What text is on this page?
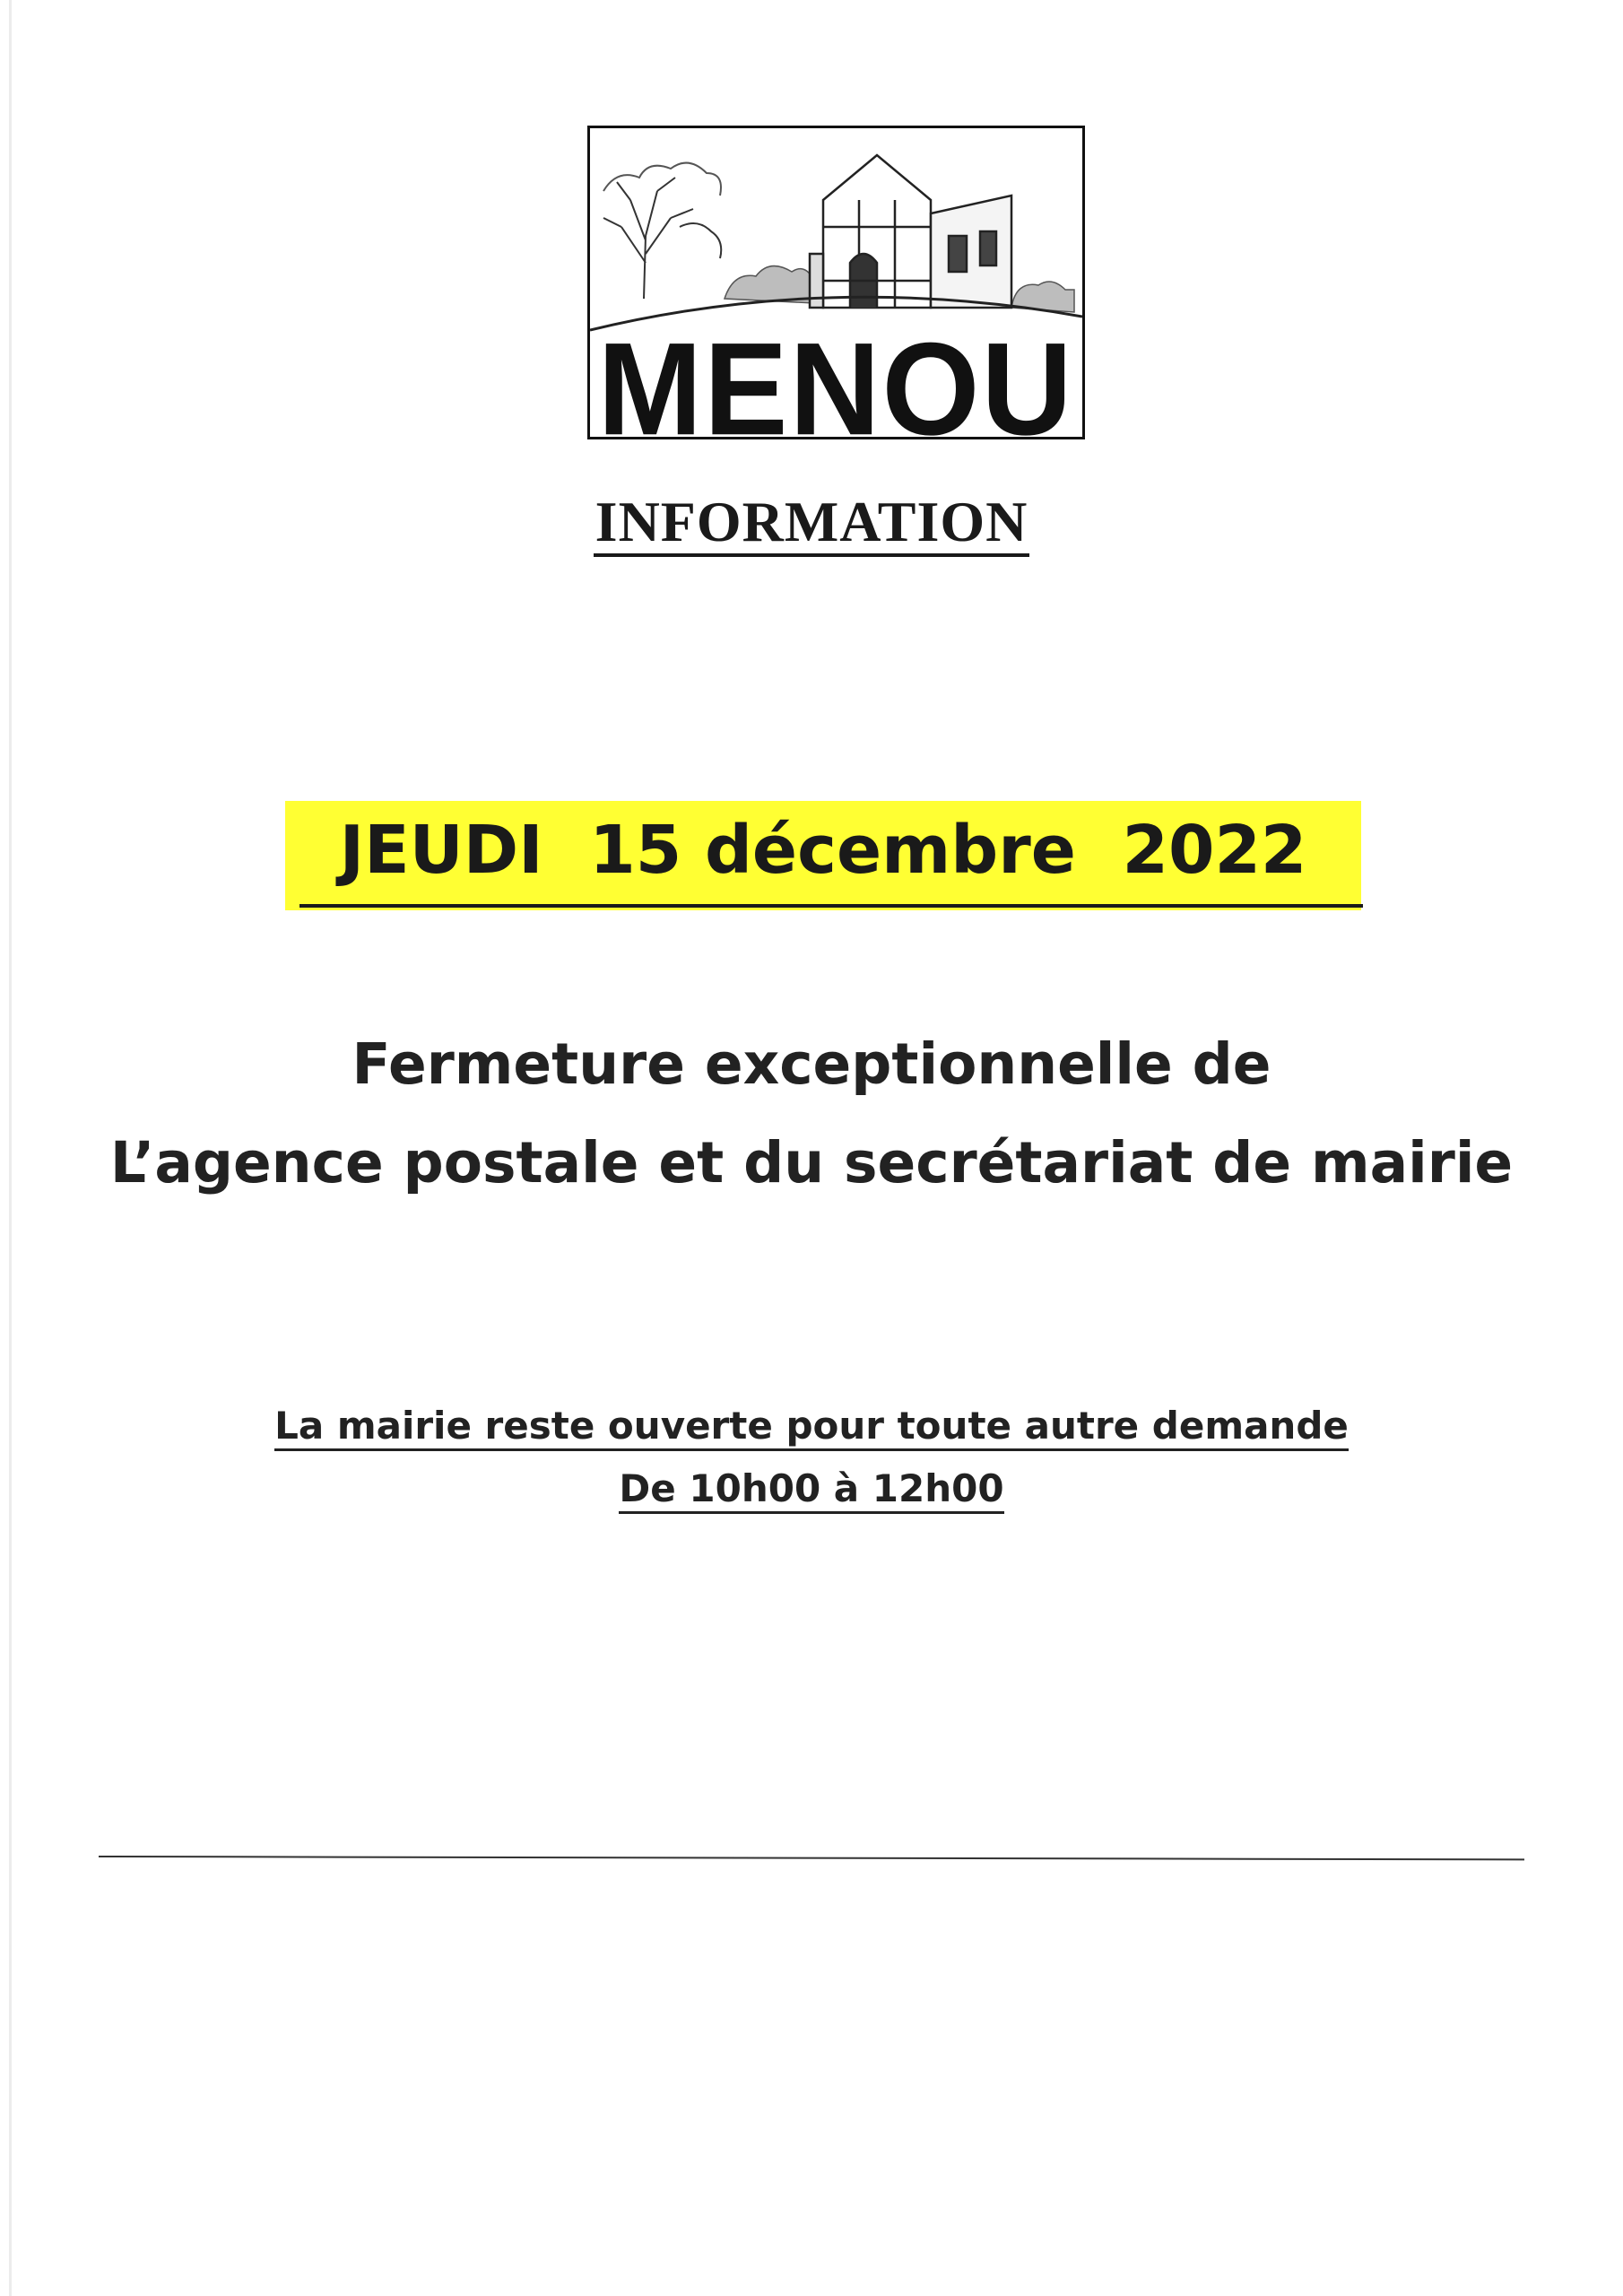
MENOU
INFORMATION
JEUDI  15 décembre  2022
Fermeture exceptionnelle de
L’agence postale et du secrétariat de mairie
La mairie reste ouverte pour toute autre demande
De 10h00 à 12h00
